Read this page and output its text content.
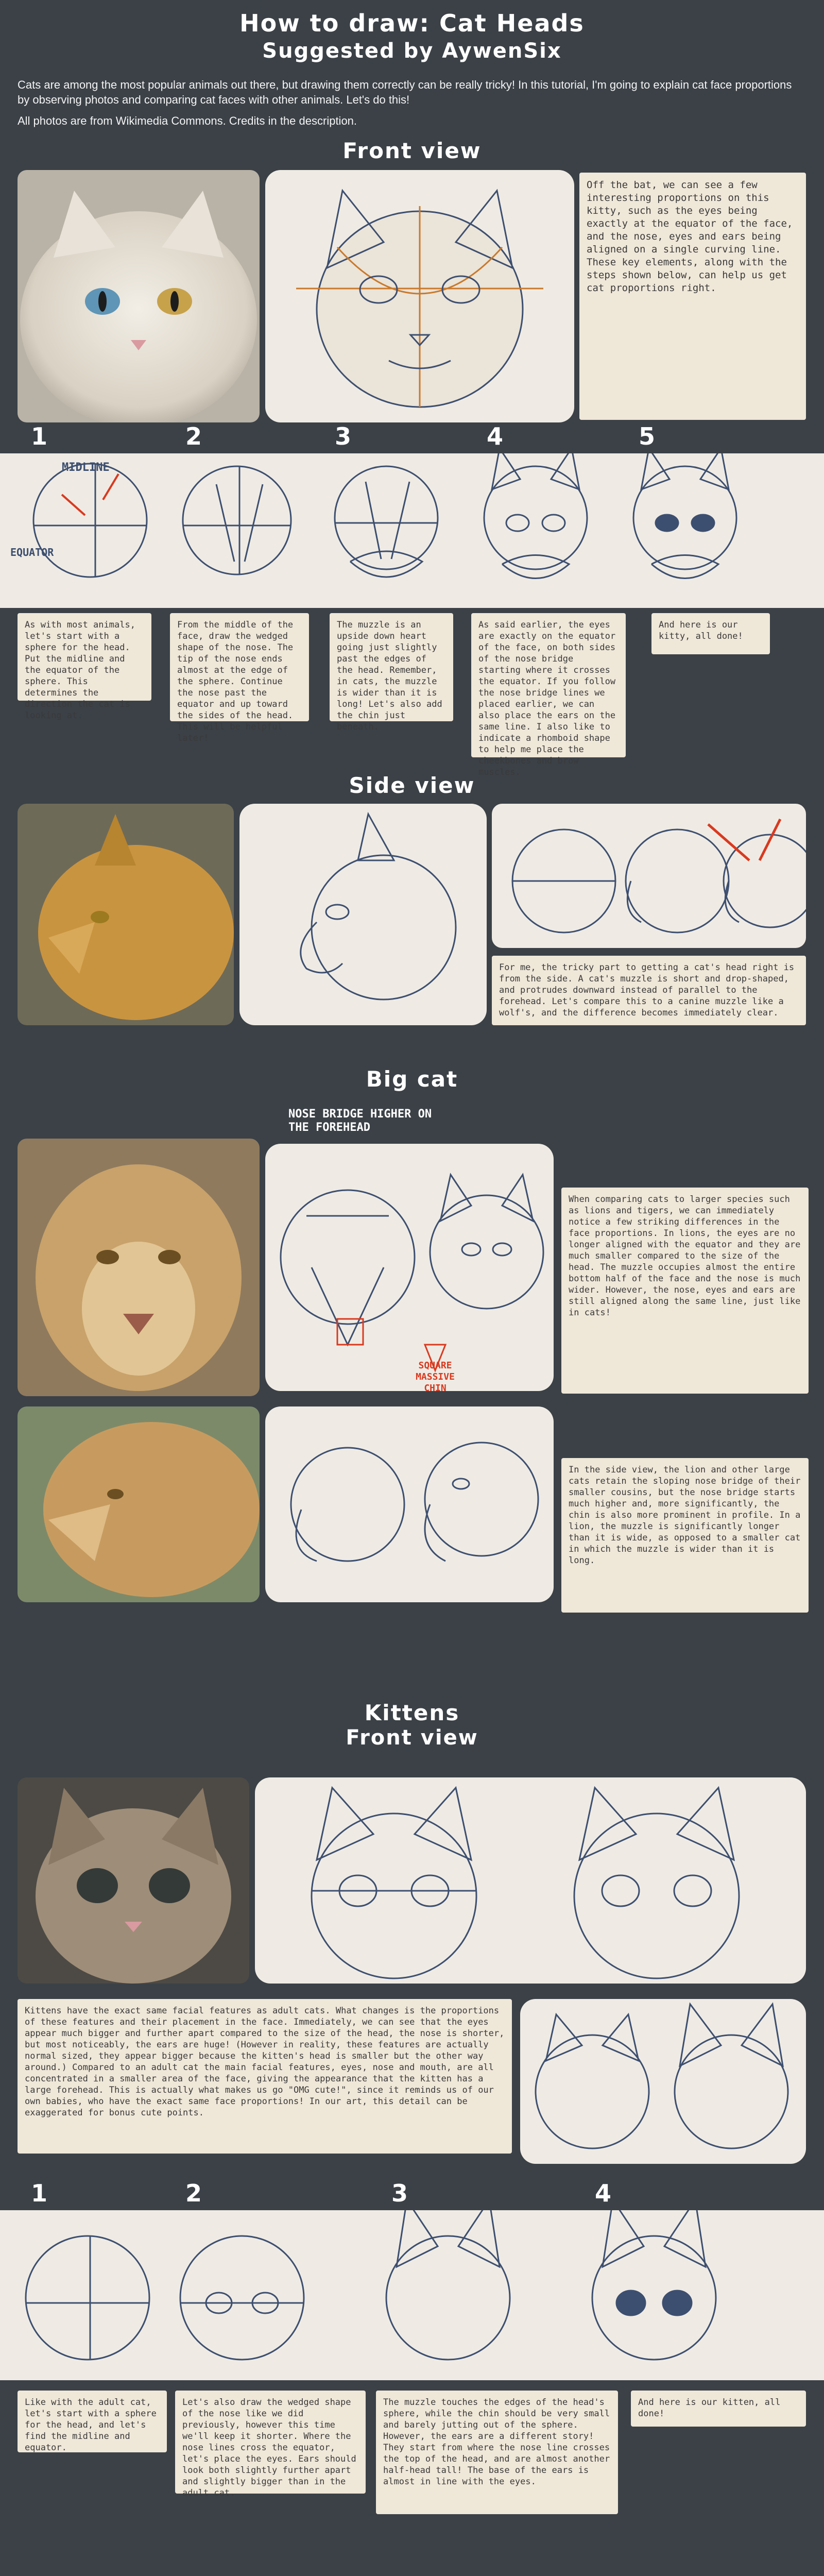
How to draw: Cat Heads
Suggested by AywenSix
Cats are among the most popular animals out there, but drawing them correctly can be really tricky! In this tutorial, I'm going to explain cat face proportions by observing photos and comparing cat faces with other animals. Let's do this!
All photos are from Wikimedia Commons. Credits in the description.
Front view
Off the bat, we can see a few interesting proportions on this kitty, such as the eyes being exactly at the equator of the face, and the nose, eyes and ears being aligned on a single curving line. These key elements, along with the steps shown below, can help us get cat proportions right.
1	2	3	4	5
MIDLINE
EQUATOR
As with most animals, let's start with a sphere for the head. Put the midline and the equator of the sphere. This determines the direction the cat is looking at.
From the middle of the face, draw the wedged shape of the nose. The tip of the nose ends almost at the edge of the sphere. Continue the nose past the equator and up toward the sides of the head. This will be helpful later!
The muzzle is an upside down heart going just slightly past the edges of the head. Remember, in cats, the muzzle is wider than it is long! Let's also add the chin just beneath.
As said earlier, the eyes are exactly on the equator of the face, on both sides of the nose bridge starting where it crosses the equator. If you follow the nose bridge lines we placed earlier, we can also place the ears on the same line. I also like to indicate a rhomboid shape to help me place the cheekbones and brow muscles.
And here is our kitty, all done!
Side view
For me, the tricky part to getting a cat's head right is from the side. A cat's muzzle is short and drop-shaped, and protrudes downward instead of parallel to the forehead. Let's compare this to a canine muzzle like a wolf's, and the difference becomes immediately clear.
Big cat
NOSE BRIDGE HIGHER ON THE FOREHEAD
SQUARE MASSIVE CHIN
When comparing cats to larger species such as lions and tigers, we can immediately notice a few striking differences in the face proportions. In lions, the eyes are no longer aligned with the equator and they are much smaller compared to the size of the head. The muzzle occupies almost the entire bottom half of the face and the nose is much wider. However, the nose, eyes and ears are still aligned along the same line, just like in cats!
In the side view, the lion and other large cats retain the sloping nose bridge of their smaller cousins, but the nose bridge starts much higher and, more significantly, the chin is also more prominent in profile. In a lion, the muzzle is significantly longer than it is wide, as opposed to a smaller cat in which the muzzle is wider than it is long.
Kittens
Front view
Kittens have the exact same facial features as adult cats. What changes is the proportions of these features and their placement in the face. Immediately, we can see that the eyes appear much bigger and further apart compared to the size of the head, the nose is shorter, but most noticeably, the ears are huge! (However in reality, these features are actually normal sized, they appear bigger because the kitten's head is smaller but the other way around.) Compared to an adult cat the main facial features, eyes, nose and mouth, are all concentrated in a smaller area of the face, giving the appearance that the kitten has a large forehead. This is actually what makes us go "OMG cute!", since it reminds us of our own babies, who have the exact same face proportions! In our art, this detail can be exaggerated for bonus cute points.
1	2	3	4
Like with the adult cat, let's start with a sphere for the head, and let's find the midline and equator.
Let's also draw the wedged shape of the nose like we did previously, however this time we'll keep it shorter. Where the nose lines cross the equator, let's place the eyes. Ears should look both slightly further apart and slightly bigger than in the adult cat.
The muzzle touches the edges of the head's sphere, while the chin should be very small and barely jutting out of the sphere. However, the ears are a different story! They start from where the nose line crosses the top of the head, and are almost another half-head tall! The base of the ears is almost in line with the eyes.
And here is our kitten, all done!
